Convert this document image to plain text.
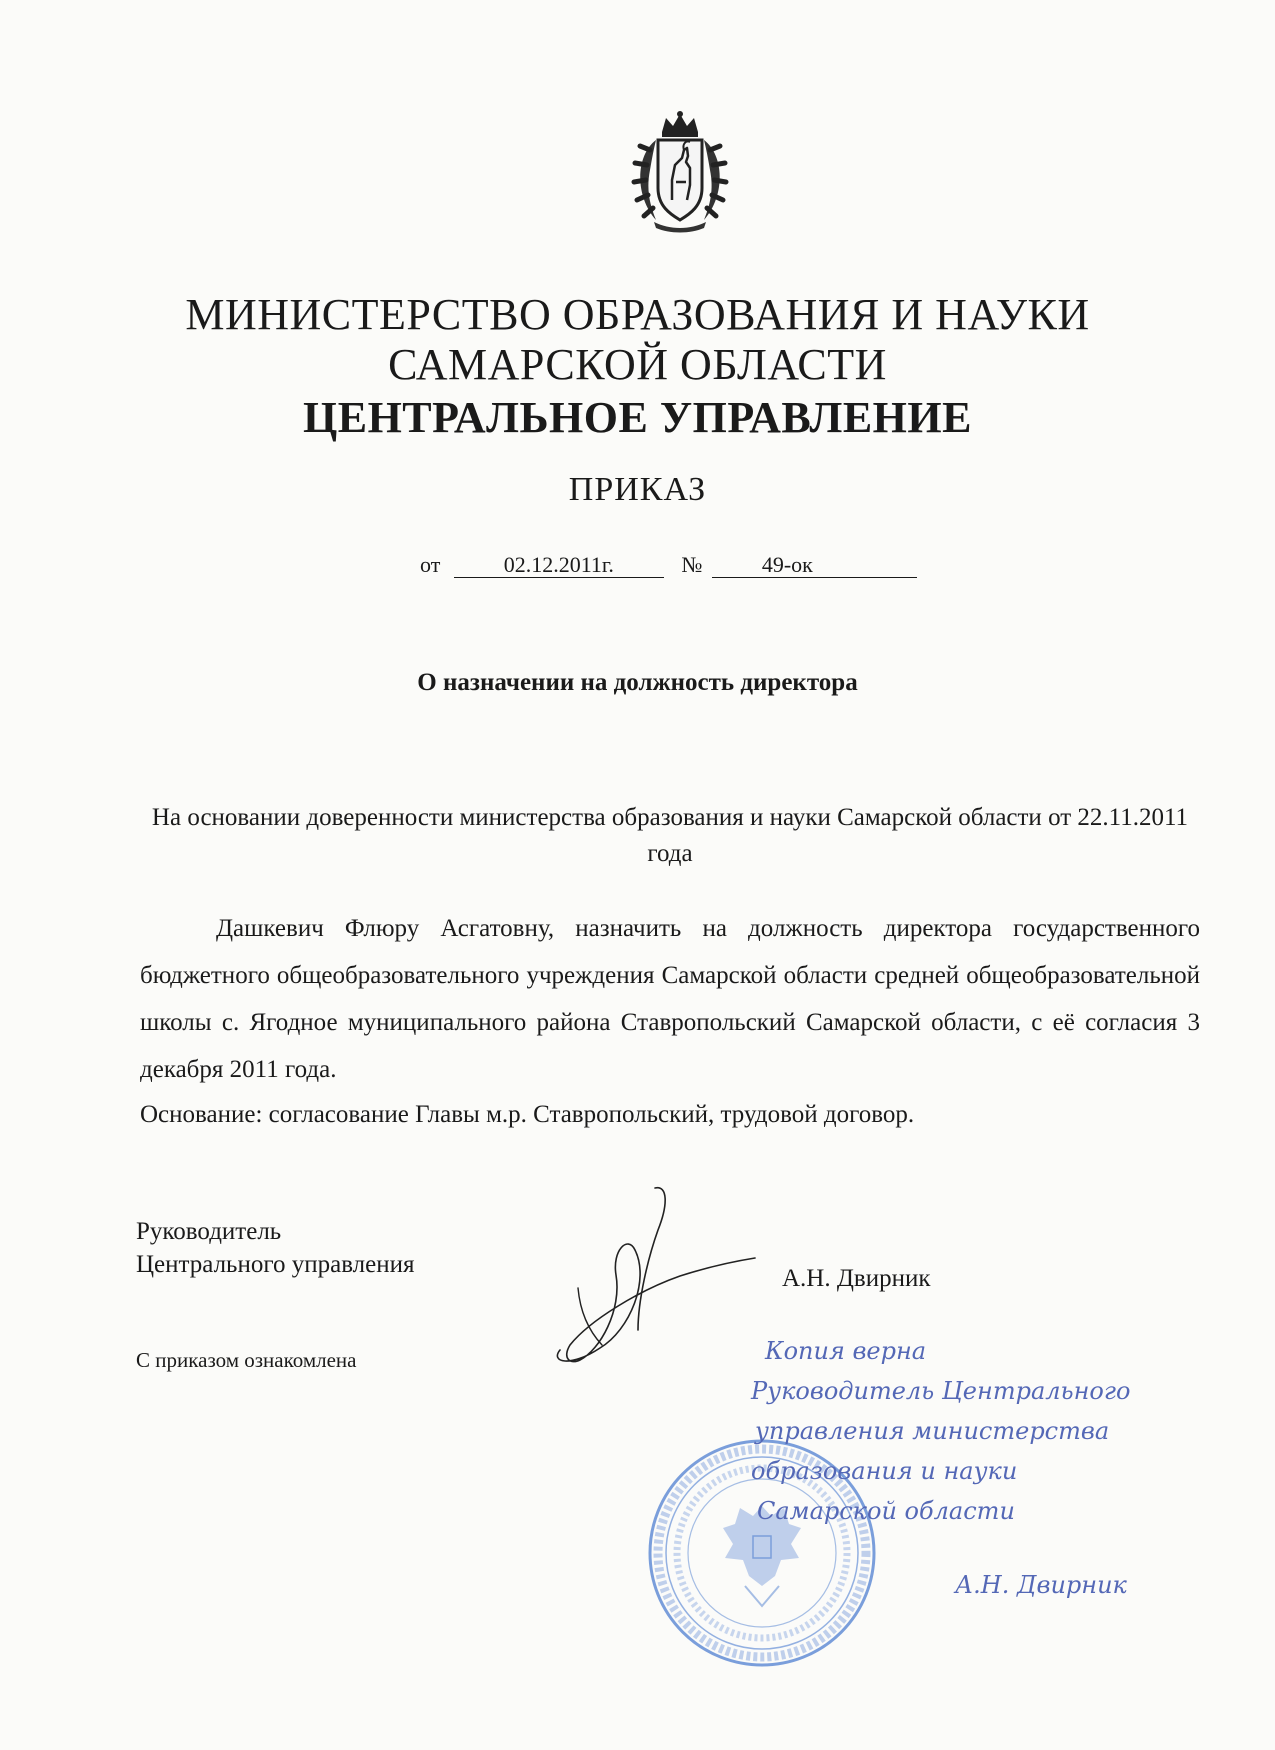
МИНИСТЕРСТВО ОБРАЗОВАНИЯ И НАУКИ
САМАРСКОЙ ОБЛАСТИ
ЦЕНТРАЛЬНОЕ УПРАВЛЕНИЕ
ПРИКАЗ
от	02.12.2011г.	№	49-ок
О назначении на должность директора
На основании доверенности министерства образования и науки Самарской области от 22.11.2011 года
Дашкевич Флюру Асгатовну, назначить на должность директора государственного бюджетного общеобразовательного учреждения Самарской области средней общеобразовательной школы с. Ягодное муниципального района Ставропольский Самарской области, с её согласия 3 декабря 2011 года.
Основание: согласование Главы м.р. Ставропольский, трудовой договор.
Руководитель
Центрального управления
А.Н. Двирник
С приказом ознакомлена	Копия верна
Руководитель Центрального
управления министерства
образования и науки
Самарской области
А.Н. Двирник
